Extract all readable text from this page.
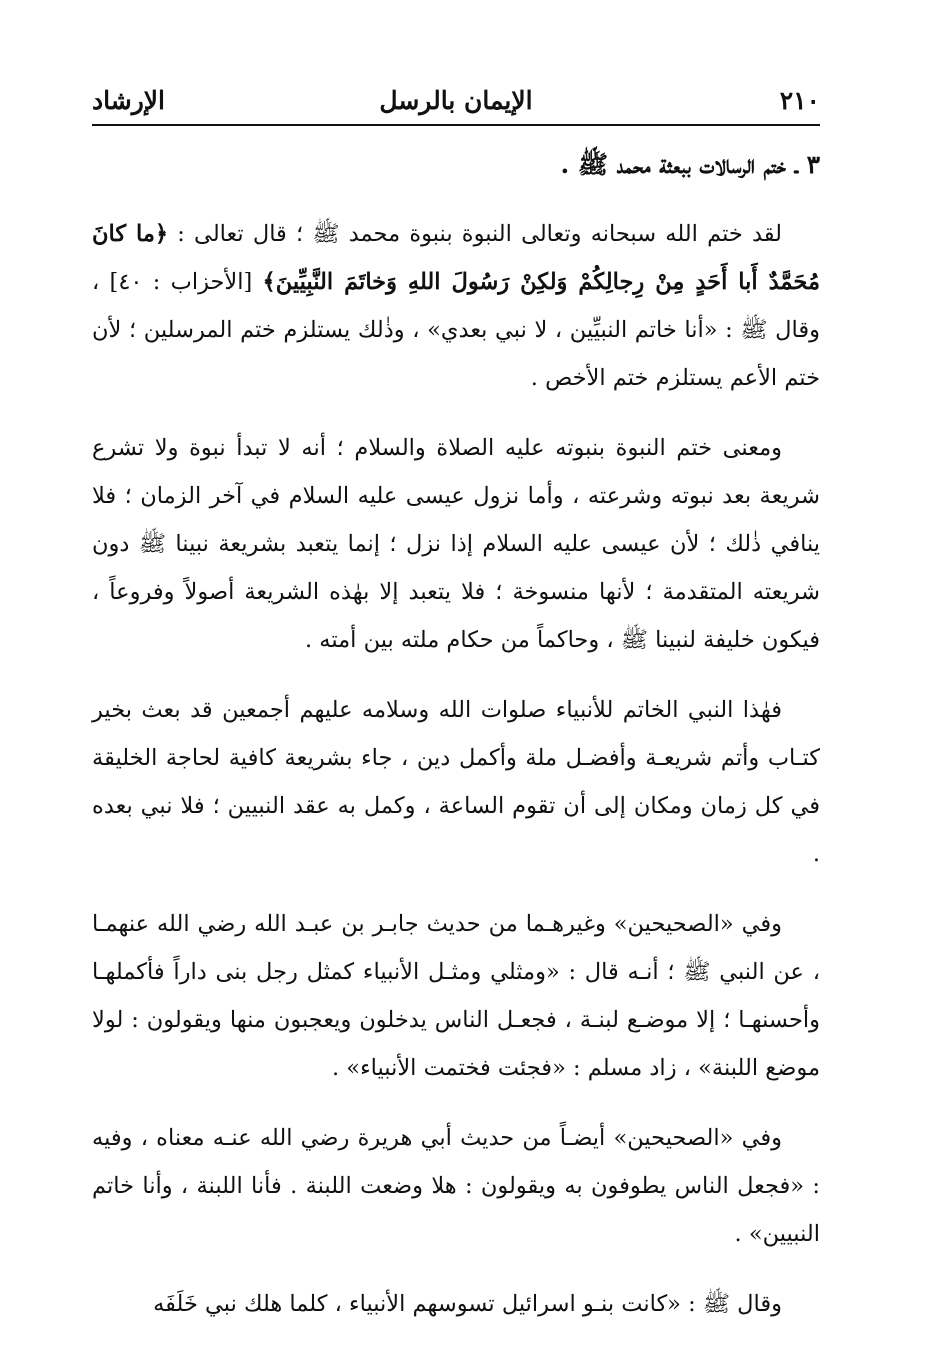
٢١٠
الإيمان بالرسل
الإرشاد
٣ ـ ختم الرسالات ببعثة محمد ﷺ .

لقد ختم الله سبحانه وتعالى النبوة بنبوة محمد ﷺ ؛ قال تعالى : ﴿ما كانَ مُحَمَّدٌ أَبا أَحَدٍ مِنْ رِجالِكُمْ وَلكِنْ رَسُولَ اللهِ وَخاتَمَ النَّبِيِّينَ﴾ [الأحزاب : ٤٠] ، وقال ﷺ : «أنا خاتم النبيِّين ، لا نبي بعدي» ، وذٰلك يستلزم ختم المرسلين ؛ لأن ختم الأعم يستلزم ختم الأخص .

ومعنى ختم النبوة بنبوته عليه الصلاة والسلام ؛ أنه لا تبدأ نبوة ولا تشرع شريعة بعد نبوته وشرعته ، وأما نزول عيسى عليه السلام في آخر الزمان ؛ فلا ينافي ذٰلك ؛ لأن عيسى عليه السلام إذا نزل ؛ إنما يتعبد بشريعة نبينا ﷺ دون شريعته المتقدمة ؛ لأنها منسوخة ؛ فلا يتعبد إلا بهٰذه الشريعة أصولاً وفروعاً ، فيكون خليفة لنبينا ﷺ ، وحاكماً من حكام ملته بين أمته .

فهٰذا النبي الخاتم للأنبياء صلوات الله وسلامه عليهم أجمعين قد بعث بخير كتـاب وأتم شريعـة وأفضـل ملة وأكمل دين ، جاء بشريعة كافية لحاجة الخليقة في كل زمان ومكان إلى أن تقوم الساعة ، وكمل به عقد النبيين ؛ فلا نبي بعده .

وفي «الصحيحين» وغيرهـما من حديث جابـر بن عبـد الله رضي الله عنهمـا ، عن النبي ﷺ ؛ أنـه قال : «ومثلي ومثـل الأنبياء كمثل رجل بنى داراً فأكملهـا وأحسنهـا ؛ إلا موضـع لبنـة ، فجعـل الناس يدخلون ويعجبون منها ويقولون : لولا موضع اللبنة» ، زاد مسلم : «فجئت فختمت الأنبياء» .

وفي «الصحيحين» أيضـاً من حديث أبي هريرة رضي الله عنـه معناه ، وفيه : «فجعل الناس يطوفون به ويقولون : هلا وضعت اللبنة . فأنا اللبنة ، وأنا خاتم النبيين» .

وقال ﷺ : «كانت بنـو اسرائيل تسوسهم الأنبياء ، كلما هلك نبي خَلَفَه
